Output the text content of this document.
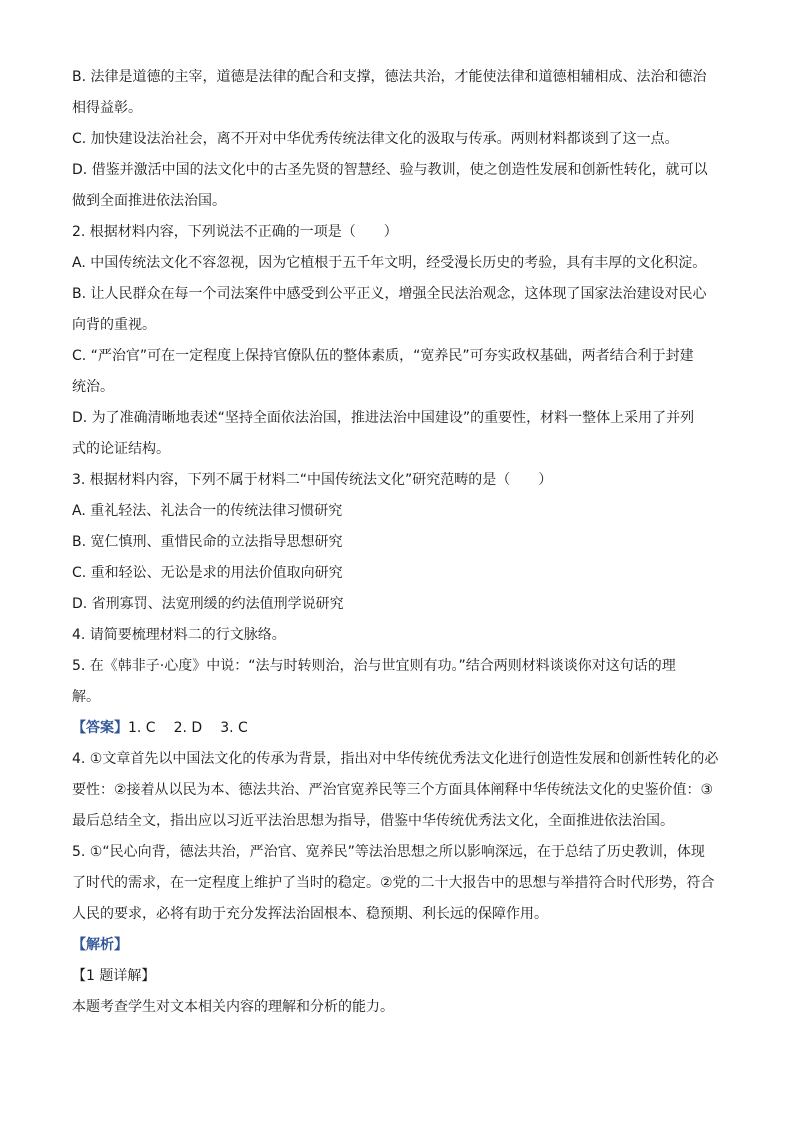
B. 法律是道德的主宰，道德是法律的配合和支撑，德法共治，才能使法律和道德相辅相成、法治和德治
相得益彰。
C. 加快建设法治社会，离不开对中华优秀传统法律文化的汲取与传承。两则材料都谈到了这一点。
D. 借鉴并激活中国的法文化中的古圣先贤的智慧经、验与教训，使之创造性发展和创新性转化，就可以
做到全面推进依法治国。
2. 根据材料内容，下列说法不正确的一项是（　　）
A. 中国传统法文化不容忽视，因为它植根于五千年文明，经受漫长历史的考验，具有丰厚的文化积淀。
B. 让人民群众在每一个司法案件中感受到公平正义，增强全民法治观念，这体现了国家法治建设对民心
向背的重视。
C. “严治官”可在一定程度上保持官僚队伍的整体素质，“宽养民”可夯实政权基础，两者结合利于封建
统治。
D. 为了准确清晰地表述“坚持全面依法治国，推进法治中国建设”的重要性，材料一整体上采用了并列
式的论证结构。
3. 根据材料内容，下列不属于材料二“中国传统法文化”研究范畴的是（　　）
A. 重礼轻法、礼法合一的传统法律习惯研究
B. 宽仁慎刑、重惜民命的立法指导思想研究
C. 重和轻讼、无讼是求的用法价值取向研究
D. 省刑寡罚、法宽刑缓的约法值刑学说研究
4. 请简要梳理材料二的行文脉络。
5. 在《韩非子·心度》中说：“法与时转则治，治与世宜则有功。”结合两则材料谈谈你对这句话的理
解。
【答案】1. C 2. D 3. C
4. ①文章首先以中国法文化的传承为背景，指出对中华传统优秀法文化进行创造性发展和创新性转化的必
要性：②接着从以民为本、德法共治、严治官宽养民等三个方面具体阐释中华传统法文化的史鉴价值：③
最后总结全文，指出应以习近平法治思想为指导，借鉴中华传统优秀法文化，全面推进依法治国。
5. ①“民心向背，德法共治，严治官、宽养民”等法治思想之所以影响深远，在于总结了历史教训，体现
了时代的需求，在一定程度上维护了当时的稳定。②党的二十大报告中的思想与举措符合时代形势，符合
人民的要求，必将有助于充分发挥法治固根本、稳预期、利长远的保障作用。
【解析】
【1 题详解】
本题考查学生对文本相关内容的理解和分析的能力。
